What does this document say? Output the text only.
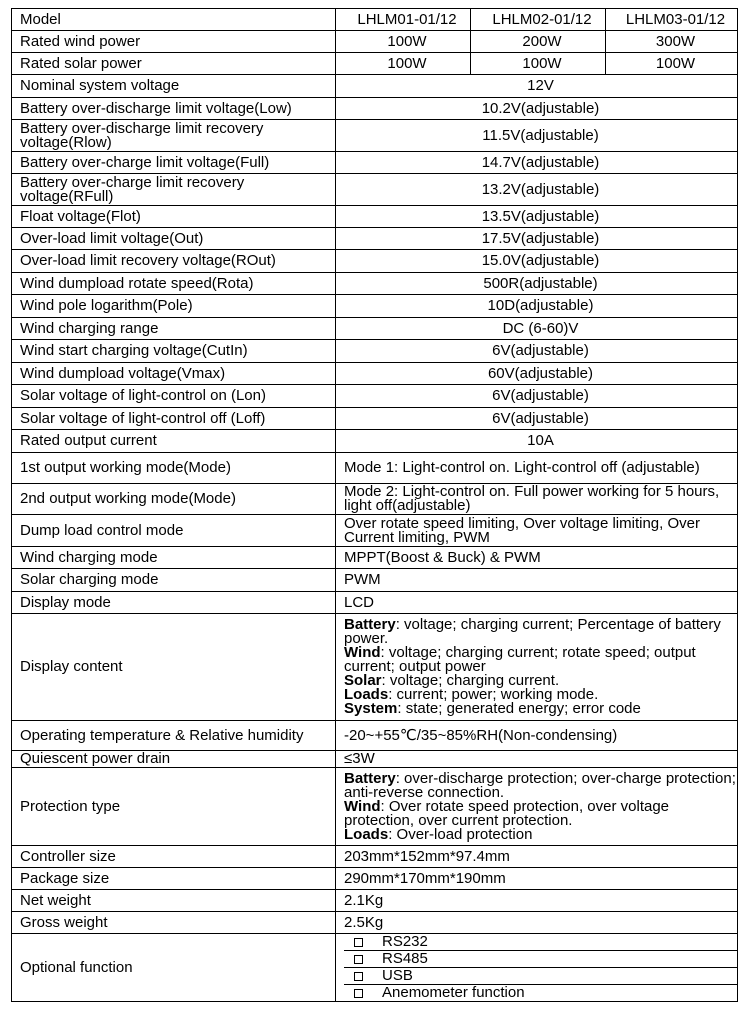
Model	LHLM01-01/12	LHLM02-01/12	LHLM03-01/12
Rated wind power	100W	200W	300W
Rated solar power	100W	100W	100W
Nominal system voltage	12V		
Battery over-discharge limit voltage(Low)	10.2V(adjustable)		
Battery over-discharge limit recovery voltage(Rlow)	11.5V(adjustable)		
Battery over-charge limit voltage(Full)	14.7V(adjustable)		
Battery over-charge limit recovery voltage(RFull)	13.2V(adjustable)		
Float voltage(Flot)	13.5V(adjustable)		
Over-load limit voltage(Out)	17.5V(adjustable)		
Over-load limit recovery voltage(ROut)	15.0V(adjustable)		
Wind dumpload rotate speed(Rota)	500R(adjustable)		
Wind pole logarithm(Pole)	10D(adjustable)		
Wind charging range	DC (6-60)V		
Wind start charging voltage(CutIn)	6V(adjustable)		
Wind dumpload voltage(Vmax)	60V(adjustable)		
Solar voltage of light-control on (Lon)	6V(adjustable)		
Solar voltage of light-control off (Loff)	6V(adjustable)		
Rated output current	10A		
1st output working mode(Mode)	Mode 1: Light-control on. Light-control off (adjustable)		
2nd output working mode(Mode)	Mode 2: Light-control on. Full power working for 5 hours, light off(adjustable)		
Dump load control mode	Over rotate speed limiting, Over voltage limiting, Over Current limiting, PWM		
Wind charging mode	MPPT(Boost & Buck) & PWM		
Solar charging mode	PWM		
Display mode	LCD		
Display content	Battery: voltage; charging current; Percentage of battery power.
Wind: voltage; charging current; rotate speed; output current; output power
Solar: voltage; charging current.
Loads: current; power; working mode.
System: state; generated energy; error code		
Operating temperature & Relative humidity	-20~+55℃/35~85%RH(Non-condensing)		
Quiescent power drain	≤3W		
Protection type	Battery: over-discharge protection; over-charge protection; anti-reverse connection.
Wind: Over rotate speed protection, over voltage protection, over current protection.
Loads: Over-load protection		
Controller size	203mm*152mm*97.4mm		
Package size	290mm*170mm*190mm		
Net weight	2.1Kg		
Gross weight	2.5Kg		
Optional function	RS232
RS485
USB
Anemometer function		
